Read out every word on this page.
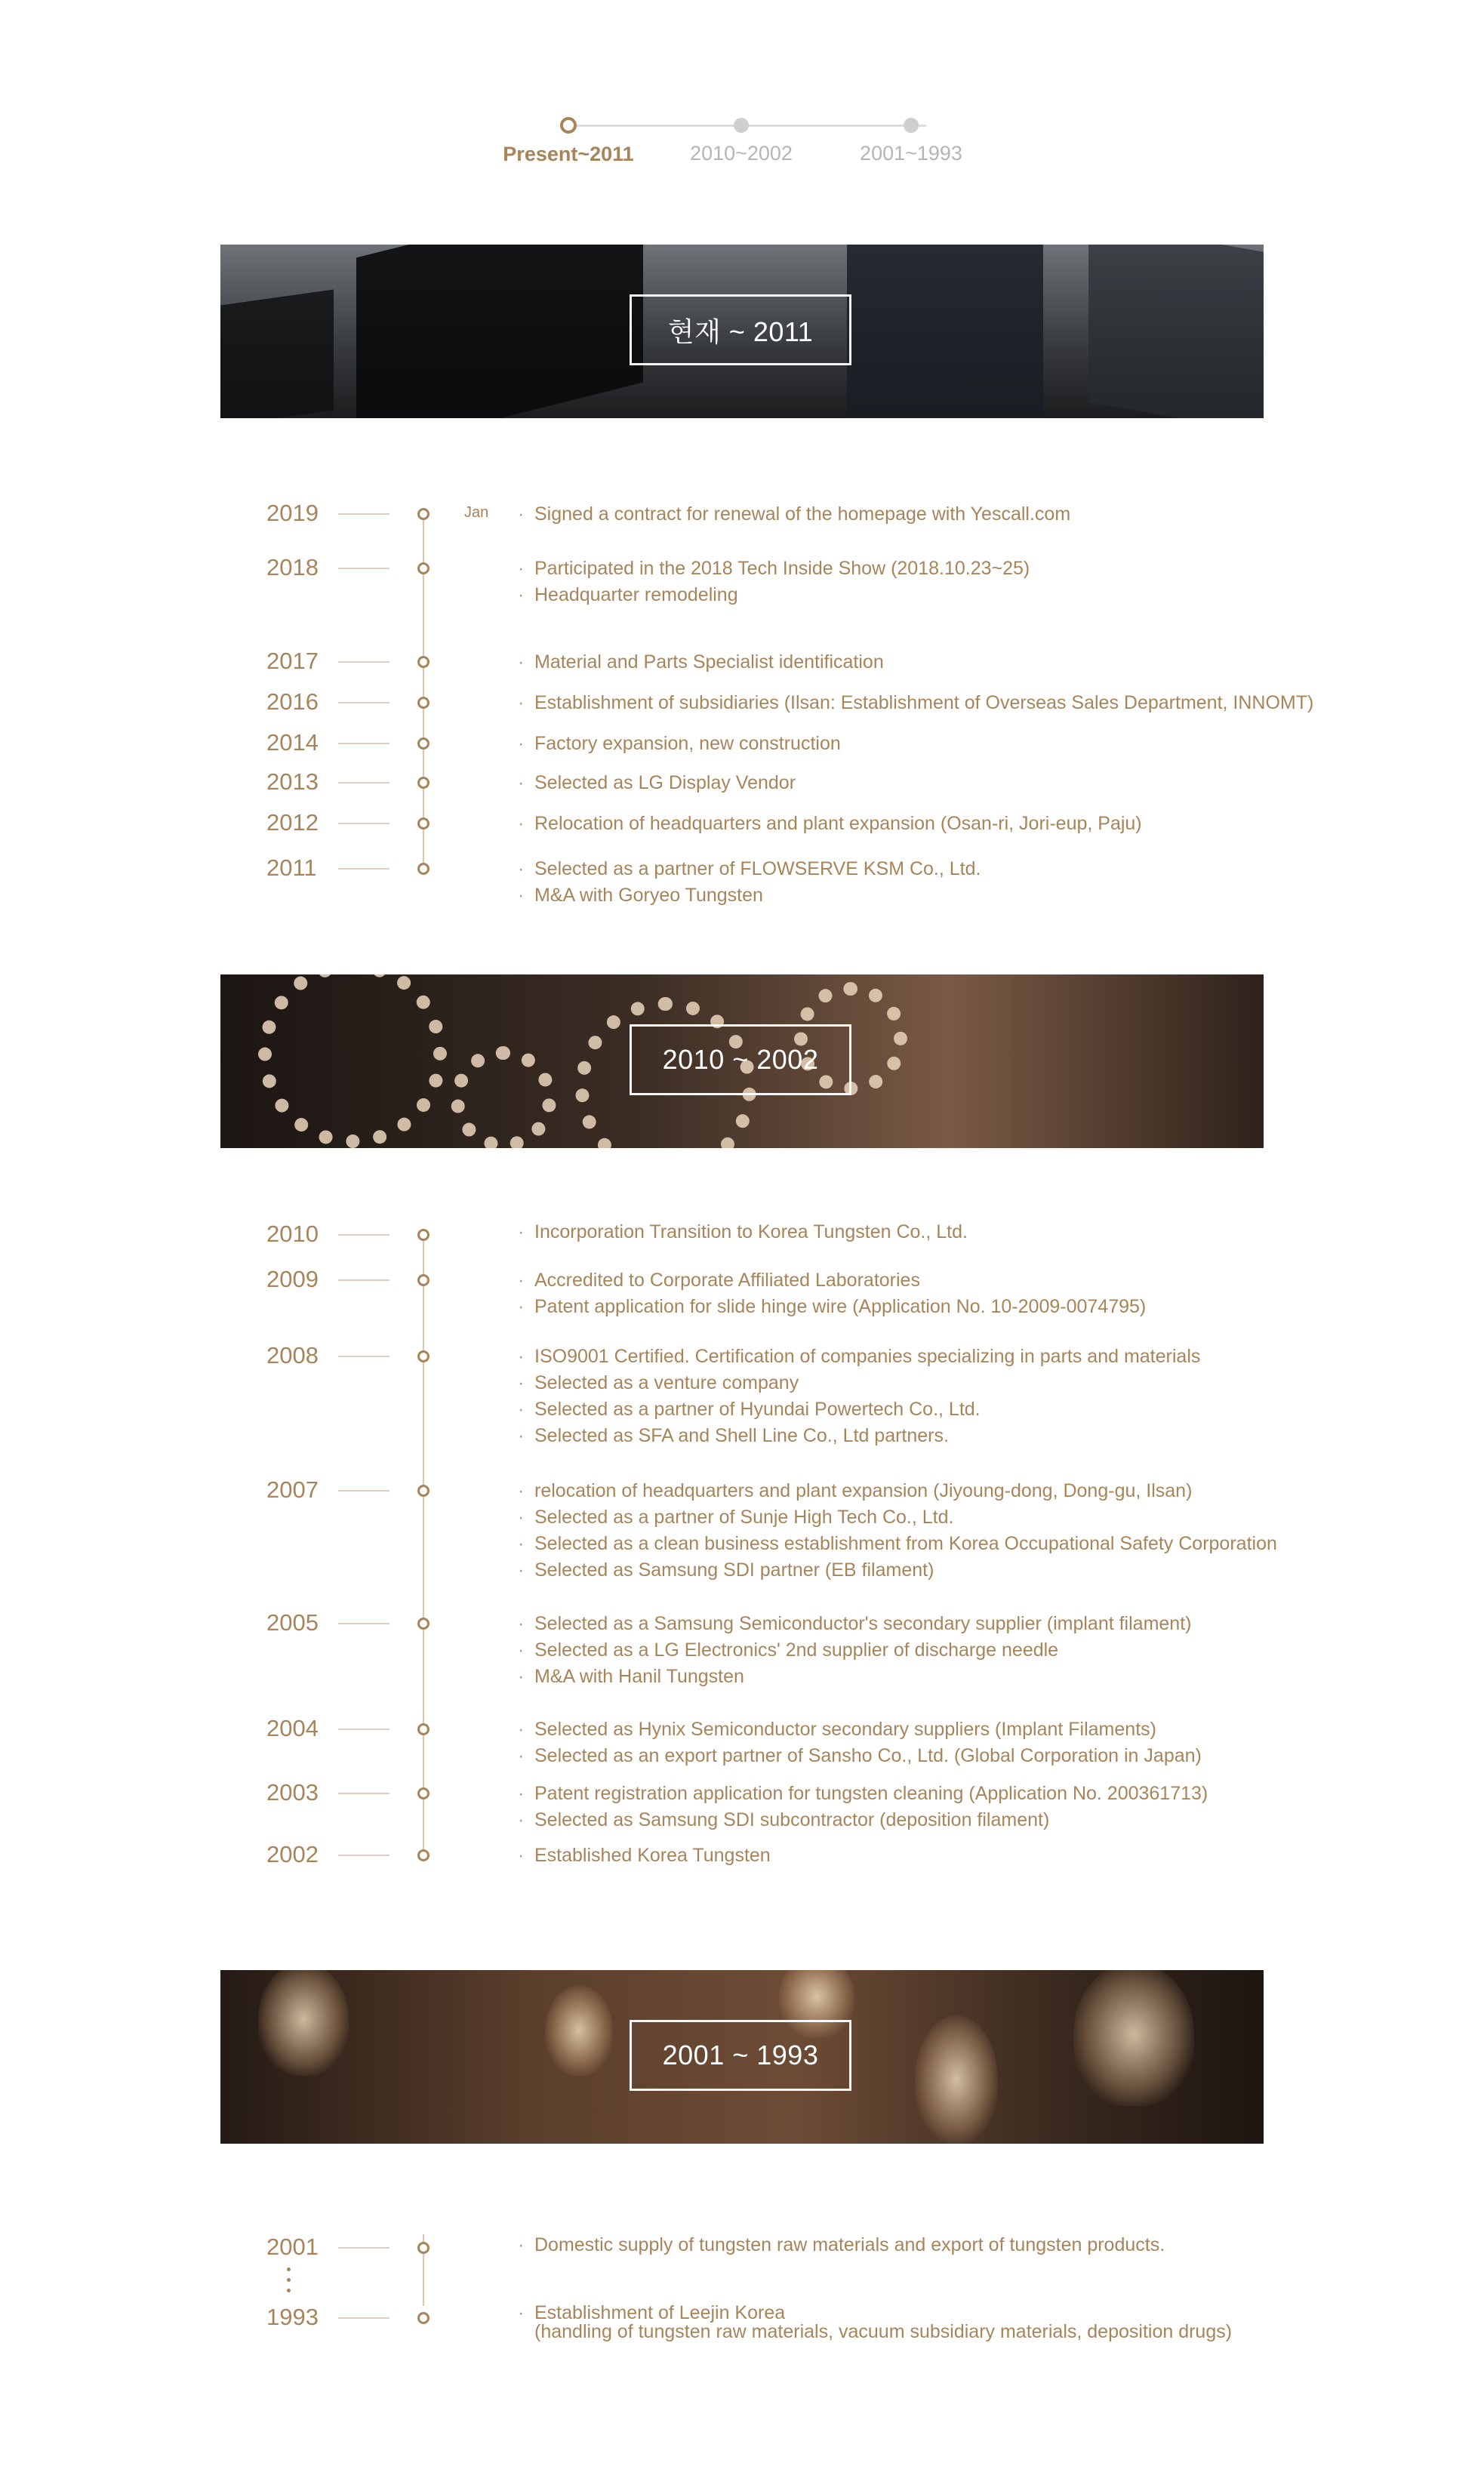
Present~2011	2010~2002	2001~1993
현재 ~ 2011
2019	Jan	· Signed a contract for renewal of the homepage with Yescall.com
2018	· Participated in the 2018 Tech Inside Show (2018.10.23~25)
· Headquarter remodeling
2017	· Material and Parts Specialist identification
2016	· Establishment of subsidiaries (Ilsan: Establishment of Overseas Sales Department, INNOMT)
2014	· Factory expansion, new construction
2013	· Selected as LG Display Vendor
2012	· Relocation of headquarters and plant expansion (Osan-ri, Jori-eup, Paju)
2011	· Selected as a partner of FLOWSERVE KSM Co., Ltd.
· M&A with Goryeo Tungsten
2010 ~ 2002
2010	· Incorporation Transition to Korea Tungsten Co., Ltd.
2009	· Accredited to Corporate Affiliated Laboratories
· Patent application for slide hinge wire (Application No. 10-2009-0074795)
2008	· ISO9001 Certified. Certification of companies specializing in parts and materials
· Selected as a venture company
· Selected as a partner of Hyundai Powertech Co., Ltd.
· Selected as SFA and Shell Line Co., Ltd partners.
2007	· relocation of headquarters and plant expansion (Jiyoung-dong, Dong-gu, Ilsan)
· Selected as a partner of Sunje High Tech Co., Ltd.
· Selected as a clean business establishment from Korea Occupational Safety Corporation
· Selected as Samsung SDI partner (EB filament)
2005	· Selected as a Samsung Semiconductor's secondary supplier (implant filament)
· Selected as a LG Electronics' 2nd supplier of discharge needle
· M&A with Hanil Tungsten
2004	· Selected as Hynix Semiconductor secondary suppliers (Implant Filaments)
· Selected as an export partner of Sansho Co., Ltd. (Global Corporation in Japan)
2003	· Patent registration application for tungsten cleaning (Application No. 200361713)
· Selected as Samsung SDI subcontractor (deposition filament)
2002	· Established Korea Tungsten
2001 ~ 1993
2001	· Domestic supply of tungsten raw materials and export of tungsten products.
1993	· Establishment of Leejin Korea
(handling of tungsten raw materials, vacuum subsidiary materials, deposition drugs)
